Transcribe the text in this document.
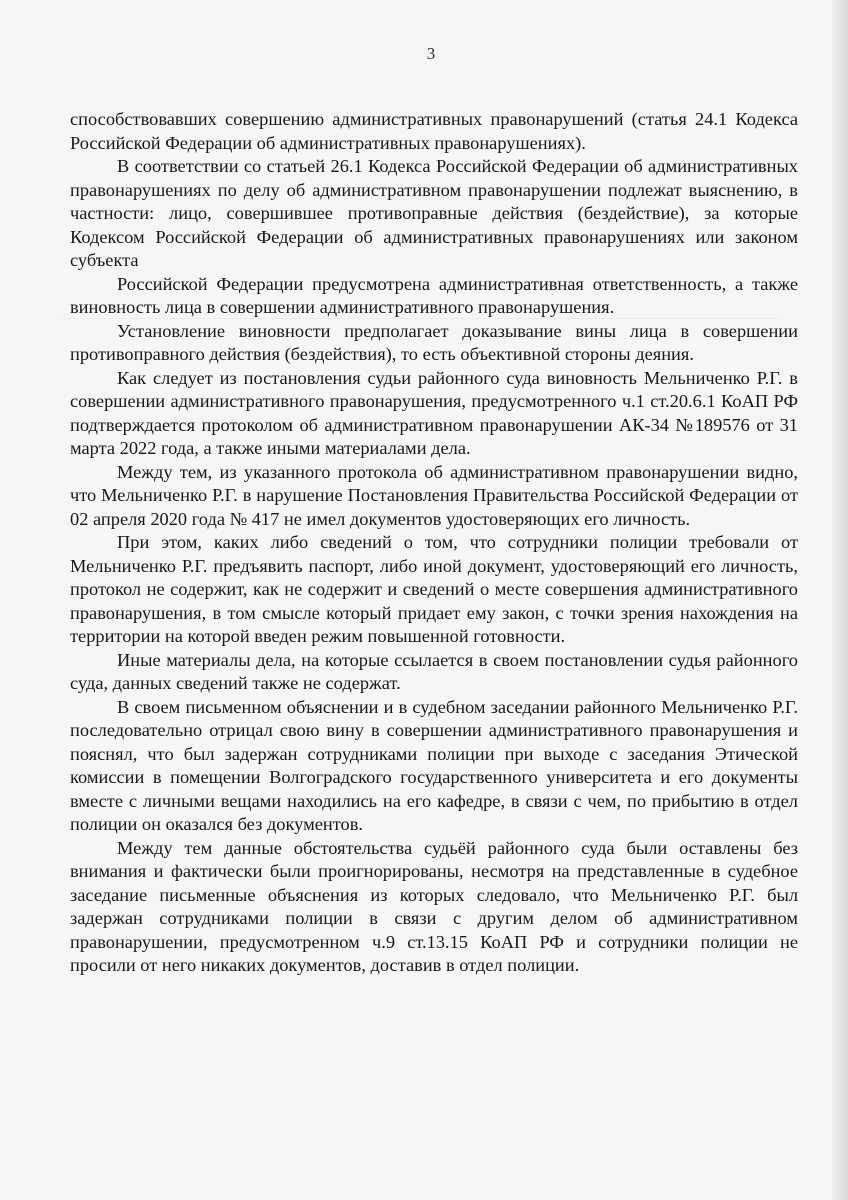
3

способствовавших совершению административных правонарушений (статья 24.1 Кодекса Российской Федерации об административных правонарушениях).

В соответствии со статьей 26.1 Кодекса Российской Федерации об административных правонарушениях по делу об административном правонарушении подлежат выяснению, в частности: лицо, совершившее противоправные действия (бездействие), за которые Кодексом Российской Федерации об административных правонарушениях или законом субъекта

Российской Федерации предусмотрена административная ответственность, а также виновность лица в совершении административного правонарушения.

Установление виновности предполагает доказывание вины лица в совершении противоправного действия (бездействия), то есть объективной стороны деяния.

Как следует из постановления судьи районного суда виновность Мельниченко Р.Г. в совершении административного правонарушения, предусмотренного ч.1 ст.20.6.1 КоАП РФ подтверждается протоколом об административном правонарушении АК-34 №189576 от 31 марта 2022 года, а также иными материалами дела.

Между тем, из указанного протокола об административном правонарушении видно, что Мельниченко Р.Г. в нарушение Постановления Правительства Российской Федерации от 02 апреля 2020 года № 417 не имел документов удостоверяющих его личность.

При этом, каких либо сведений о том, что сотрудники полиции требовали от Мельниченко Р.Г. предъявить паспорт, либо иной документ, удостоверяющий его личность, протокол не содержит, как не содержит и сведений о месте совершения административного правонарушения, в том смысле который придает ему закон, с точки зрения нахождения на территории на которой введен режим повышенной готовности.

Иные материалы дела, на которые ссылается в своем постановлении судья районного суда, данных сведений также не содержат.

В своем письменном объяснении и в судебном заседании районного Мельниченко Р.Г. последовательно отрицал свою вину в совершении административного правонарушения и пояснял, что был задержан сотрудниками полиции при выходе с заседания Этической комиссии в помещении Волгоградского государственного университета и его документы вместе с личными вещами находились на его кафедре, в связи с чем, по прибытию в отдел полиции он оказался без документов.

Между тем данные обстоятельства судьёй районного суда были оставлены без внимания и фактически были проигнорированы, несмотря на представленные в судебное заседание письменные объяснения из которых следовало, что Мельниченко Р.Г. был задержан сотрудниками полиции в связи с другим делом об административном правонарушении, предусмотренном ч.9 ст.13.15 КоАП РФ и сотрудники полиции не просили от него никаких документов, доставив в отдел полиции.
